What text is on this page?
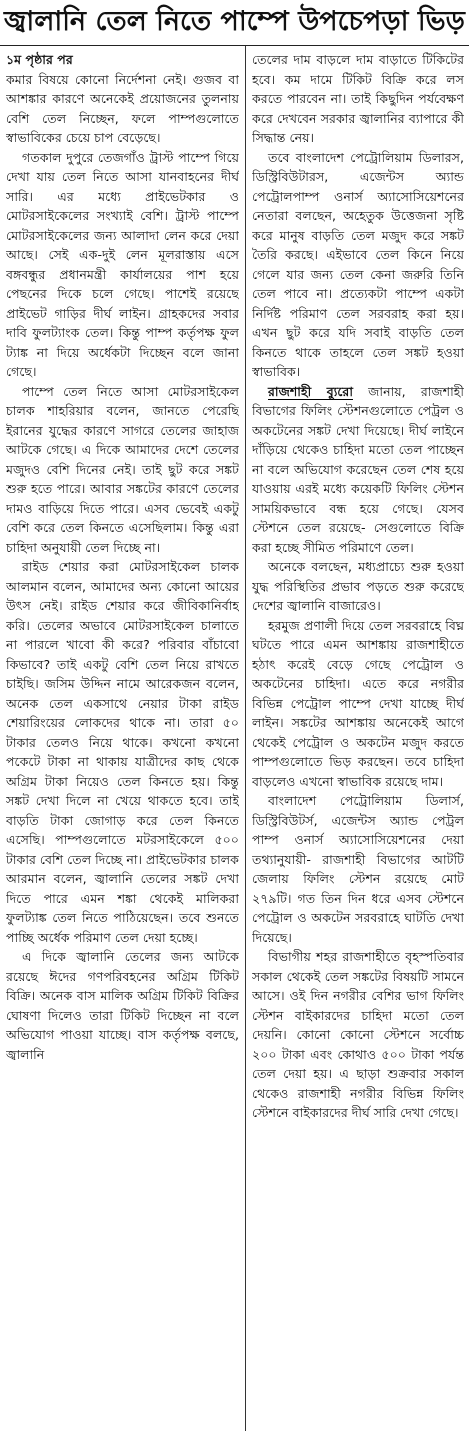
জ্বালানি তেল নিতে পাম্পে উপচেপড়া ভিড়

১ম পৃষ্ঠার পর

কমার বিষয়ে কোনো নির্দেশনা নেই। গুজব বা আশঙ্কার কারণে অনেকেই প্রয়োজনের তুলনায় বেশি তেল নিচ্ছেন, ফলে পাম্পগুলোতে স্বাভাবিকের চেয়ে চাপ বেড়েছে।

গতকাল দুপুরে তেজগাঁও ট্রাস্ট পাম্পে গিয়ে দেখা যায় তেল নিতে আসা যানবাহনের দীর্ঘ সারি। এর মধ্যে প্রাইভেটকার ও মোটরসাইকেলের সংখ্যাই বেশি। ট্রাস্ট পাম্পে মোটরসাইকেলের জন্য আলাদা লেন করে দেয়া আছে। সেই এক-দুই লেন মূলরাস্তায় এসে বঙ্গবন্ধুর প্রধানমন্ত্রী কার্যালয়ের পাশ হয়ে পেছনের দিকে চলে গেছে। পাশেই রয়েছে প্রাইভেট গাড়ির দীর্ঘ লাইন। গ্রাহকদের সবার দাবি ফুলট্যাংক তেল। কিন্তু পাম্প কর্তৃপক্ষ ফুল ট্যাঙ্ক না দিয়ে অর্ধেকটা দিচ্ছেন বলে জানা গেছে।

পাম্পে তেল নিতে আসা মোটরসাইকেল চালক শাহরিয়ার বলেন, জানতে পেরেছি ইরানের যুদ্ধের কারণে সাগরে তেলের জাহাজ আটকে গেছে। এ দিকে আমাদের দেশে তেলের মজুদও বেশি দিনের নেই। তাই ছুট করে সঙ্কট শুরু হতে পারে। আবার সঙ্কটের কারণে তেলের দামও বাড়িয়ে দিতে পারে। এসব ভেবেই একটু বেশি করে তেল কিনতে এসেছিলাম। কিন্তু এরা চাহিদা অনুযায়ী তেল দিচ্ছে না।

রাইড শেয়ার করা মোটরসাইকেল চালক আলমান বলেন, আমাদের অন্য কোনো আয়ের উৎস নেই। রাইড শেয়ার করে জীবিকানির্বাহ করি। তেলের অভাবে মোটরসাইকেল চালাতে না পারলে খাবো কী করে? পরিবার বাঁচাবো কিভাবে? তাই একটু বেশি তেল নিয়ে রাখতে চাইছি। জসিম উদ্দিন নামে আরেকজন বলেন, অনেক তেল একসাথে নেয়ার টাকা রাইড শেয়ারিংয়ের লোকদের থাকে না। তারা ৫০ টাকার তেলও নিয়ে থাকে। কখনো কখনো পকেটে টাকা না থাকায় যাত্রীদের কাছ থেকে অগ্রিম টাকা নিয়েও তেল কিনতে হয়। কিন্তু সঙ্কট দেখা দিলে না খেয়ে থাকতে হবে। তাই বাড়তি টাকা জোগাড় করে তেল কিনতে এসেছি। পাম্পগুলোতে মটরসাইকেলে ৫০০ টাকার বেশি তেল দিচ্ছে না। প্রাইভেটকার চালক আরমান বলেন, জ্বালানি তেলের সঙ্কট দেখা দিতে পারে এমন শঙ্কা থেকেই মালিকরা ফুলট্যাঙ্ক তেল নিতে পাঠিয়েছেন। তবে শুনতে পাচ্ছি অর্ধেক পরিমাণ তেল দেয়া হচ্ছে।

এ দিকে জ্বালানি তেলের জন্য আটকে রয়েছে ঈদের গণপরিবহনের অগ্রিম টিকিট বিক্রি। অনেক বাস মালিক অগ্রিম টিকিট বিক্রির ঘোষণা দিলেও তারা টিকিট দিচ্ছেন না বলে অভিযোগ পাওয়া যাচ্ছে। বাস কর্তৃপক্ষ বলছে, জ্বালানি

তেলের দাম বাড়লে দাম বাড়াতে টিকিটের হবে। কম দামে টিকিট বিক্রি করে লস করতে পারবেন না। তাই কিছুদিন পর্যবেক্ষণ করে দেখবেন সরকার জ্বালানির ব্যাপারে কী সিদ্ধান্ত নেয়।

তবে বাংলাদেশ পেট্রোলিয়াম ডিলারস, ডিস্ট্রিবিউটারস, এজেন্টস অ্যান্ড পেট্রোলপাম্প ওনার্স অ্যাসোসিয়েশনের নেতারা বলছেন, অহেতুক উত্তেজনা সৃষ্টি করে মানুষ বাড়তি তেল মজুদ করে সঙ্কট তৈরি করছে। এইভাবে তেল কিনে নিয়ে গেলে যার জন্য তেল কেনা জরুরি তিনি তেল পাবে না। প্রত্যেকটা পাম্পে একটা নির্দিষ্ট পরিমাণ তেল সরবরাহ করা হয়। এখন ছুট করে যদি সবাই বাড়তি তেল কিনতে থাকে তাহলে তেল সঙ্কট হওয়া স্বাভাবিক।

রাজশাহী ব্যুরো জানায়, রাজশাহী বিভাগের ফিলিং স্টেশনগুলোতে পেট্রল ও অকটেনের সঙ্কট দেখা দিয়েছে। দীর্ঘ লাইনে দাঁড়িয়ে থেকেও চাহিদা মতো তেল পাচ্ছেন না বলে অভিযোগ করেছেন তেল শেষ হয়ে যাওয়ায় এরই মধ্যে কয়েকটি ফিলিং স্টেশন সাময়িকভাবে বন্ধ হয়ে গেছে। যেসব স্টেশনে তেল রয়েছে- সেগুলোতে বিক্রি করা হচ্ছে সীমিত পরিমাণে তেল।

অনেকে বলছেন, মধ্যপ্রাচ্যে শুরু হওয়া যুদ্ধ পরিস্থিতির প্রভাব পড়তে শুরু করেছে দেশের জ্বালানি বাজারেও।

হরমুজ প্রণালী দিয়ে তেল সরবরাহে বিঘ্ন ঘটতে পারে এমন আশঙ্কায় রাজশাহীতে হঠাৎ করেই বেড়ে গেছে পেট্রোল ও অকটেনের চাহিদা। এতে করে নগরীর বিভিন্ন পেট্রোল পাম্পে দেখা যাচ্ছে দীর্ঘ লাইন। সঙ্কটের আশঙ্কায় অনেকেই আগে থেকেই পেট্রোল ও অকটেন মজুদ করতে পাম্পগুলোতে ভিড় করছেন। তবে চাহিদা বাড়লেও এখনো স্বাভাবিক রয়েছে দাম।

বাংলাদেশ পেট্রোলিয়াম ডিলার্স, ডিস্ট্রিবিউটর্স, এজেন্টস অ্যান্ড পেট্রল পাম্প ওনার্স অ্যাসোসিয়েশনের দেয়া তথ্যানুযায়ী- রাজশাহী বিভাগের আটটি জেলায় ফিলিং স্টেশন রয়েছে মোট ২৭৯টি। গত তিন দিন ধরে এসব স্টেশনে পেট্রোল ও অকটেন সরবরাহে ঘাটতি দেখা দিয়েছে।

বিভাগীয় শহর রাজশাহীতে বৃহস্পতিবার সকাল থেকেই তেল সঙ্কটের বিষয়টি সামনে আসে। ওই দিন নগরীর বেশির ভাগ ফিলিং স্টেশন বাইকারদের চাহিদা মতো তেল দেয়নি। কোনো কোনো স্টেশনে সর্বোচ্চ ২০০ টাকা এবং কোথাও ৫০০ টাকা পর্যন্ত তেল দেয়া হয়। এ ছাড়া শুক্রবার সকাল থেকেও রাজশাহী নগরীর বিভিন্ন ফিলিং স্টেশনে বাইকারদের দীর্ঘ সারি দেখা গেছে।
